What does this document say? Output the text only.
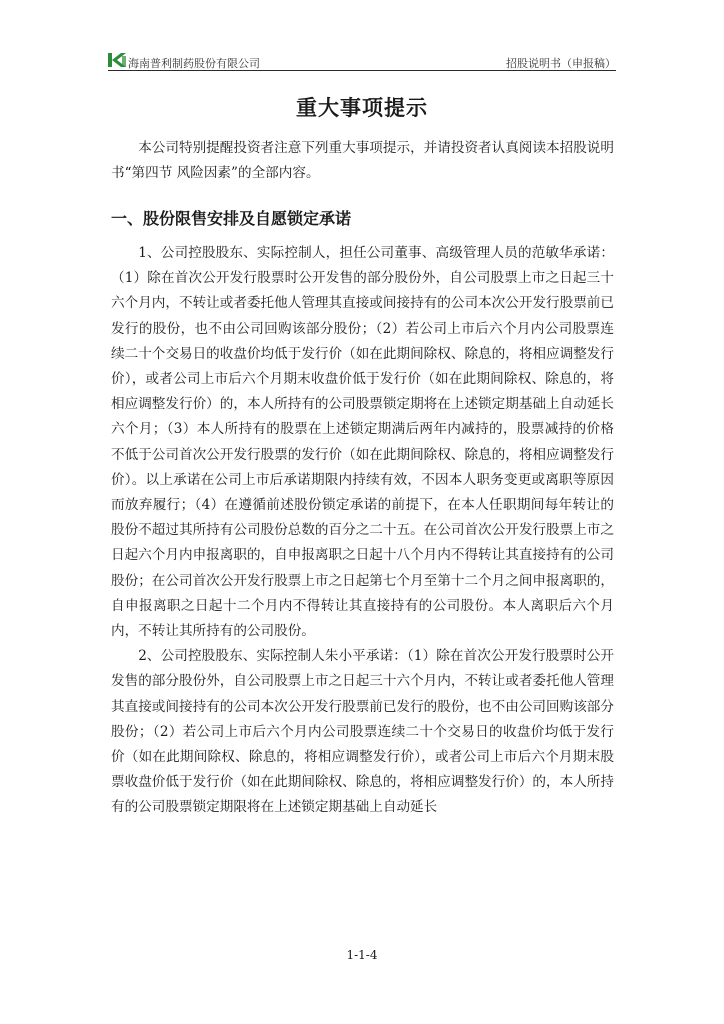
海南普利制药股份有限公司	招股说明书（申报稿）
重大事项提示

本公司特别提醒投资者注意下列重大事项提示，并请投资者认真阅读本招股说明书“第四节 风险因素”的全部内容。

一、股份限售安排及自愿锁定承诺

1、公司控股股东、实际控制人，担任公司董事、高级管理人员的范敏华承诺：（1）除在首次公开发行股票时公开发售的部分股份外，自公司股票上市之日起三十六个月内，不转让或者委托他人管理其直接或间接持有的公司本次公开发行股票前已发行的股份，也不由公司回购该部分股份；（2）若公司上市后六个月内公司股票连续二十个交易日的收盘价均低于发行价（如在此期间除权、除息的，将相应调整发行价），或者公司上市后六个月期末收盘价低于发行价（如在此期间除权、除息的，将相应调整发行价）的，本人所持有的公司股票锁定期将在上述锁定期基础上自动延长六个月；（3）本人所持有的股票在上述锁定期满后两年内减持的，股票减持的价格不低于公司首次公开发行股票的发行价（如在此期间除权、除息的，将相应调整发行价）。以上承诺在公司上市后承诺期限内持续有效，不因本人职务变更或离职等原因而放弃履行；（4）在遵循前述股份锁定承诺的前提下，在本人任职期间每年转让的股份不超过其所持有公司股份总数的百分之二十五。在公司首次公开发行股票上市之日起六个月内申报离职的，自申报离职之日起十八个月内不得转让其直接持有的公司股份；在公司首次公开发行股票上市之日起第七个月至第十二个月之间申报离职的，自申报离职之日起十二个月内不得转让其直接持有的公司股份。本人离职后六个月内，不转让其所持有的公司股份。

2、公司控股股东、实际控制人朱小平承诺：（1）除在首次公开发行股票时公开发售的部分股份外，自公司股票上市之日起三十六个月内，不转让或者委托他人管理其直接或间接持有的公司本次公开发行股票前已发行的股份，也不由公司回购该部分股份；（2）若公司上市后六个月内公司股票连续二十个交易日的收盘价均低于发行价（如在此期间除权、除息的，将相应调整发行价），或者公司上市后六个月期末股票收盘价低于发行价（如在此期间除权、除息的，将相应调整发行价）的，本人所持有的公司股票锁定期限将在上述锁定期基础上自动延长

1-1-4
